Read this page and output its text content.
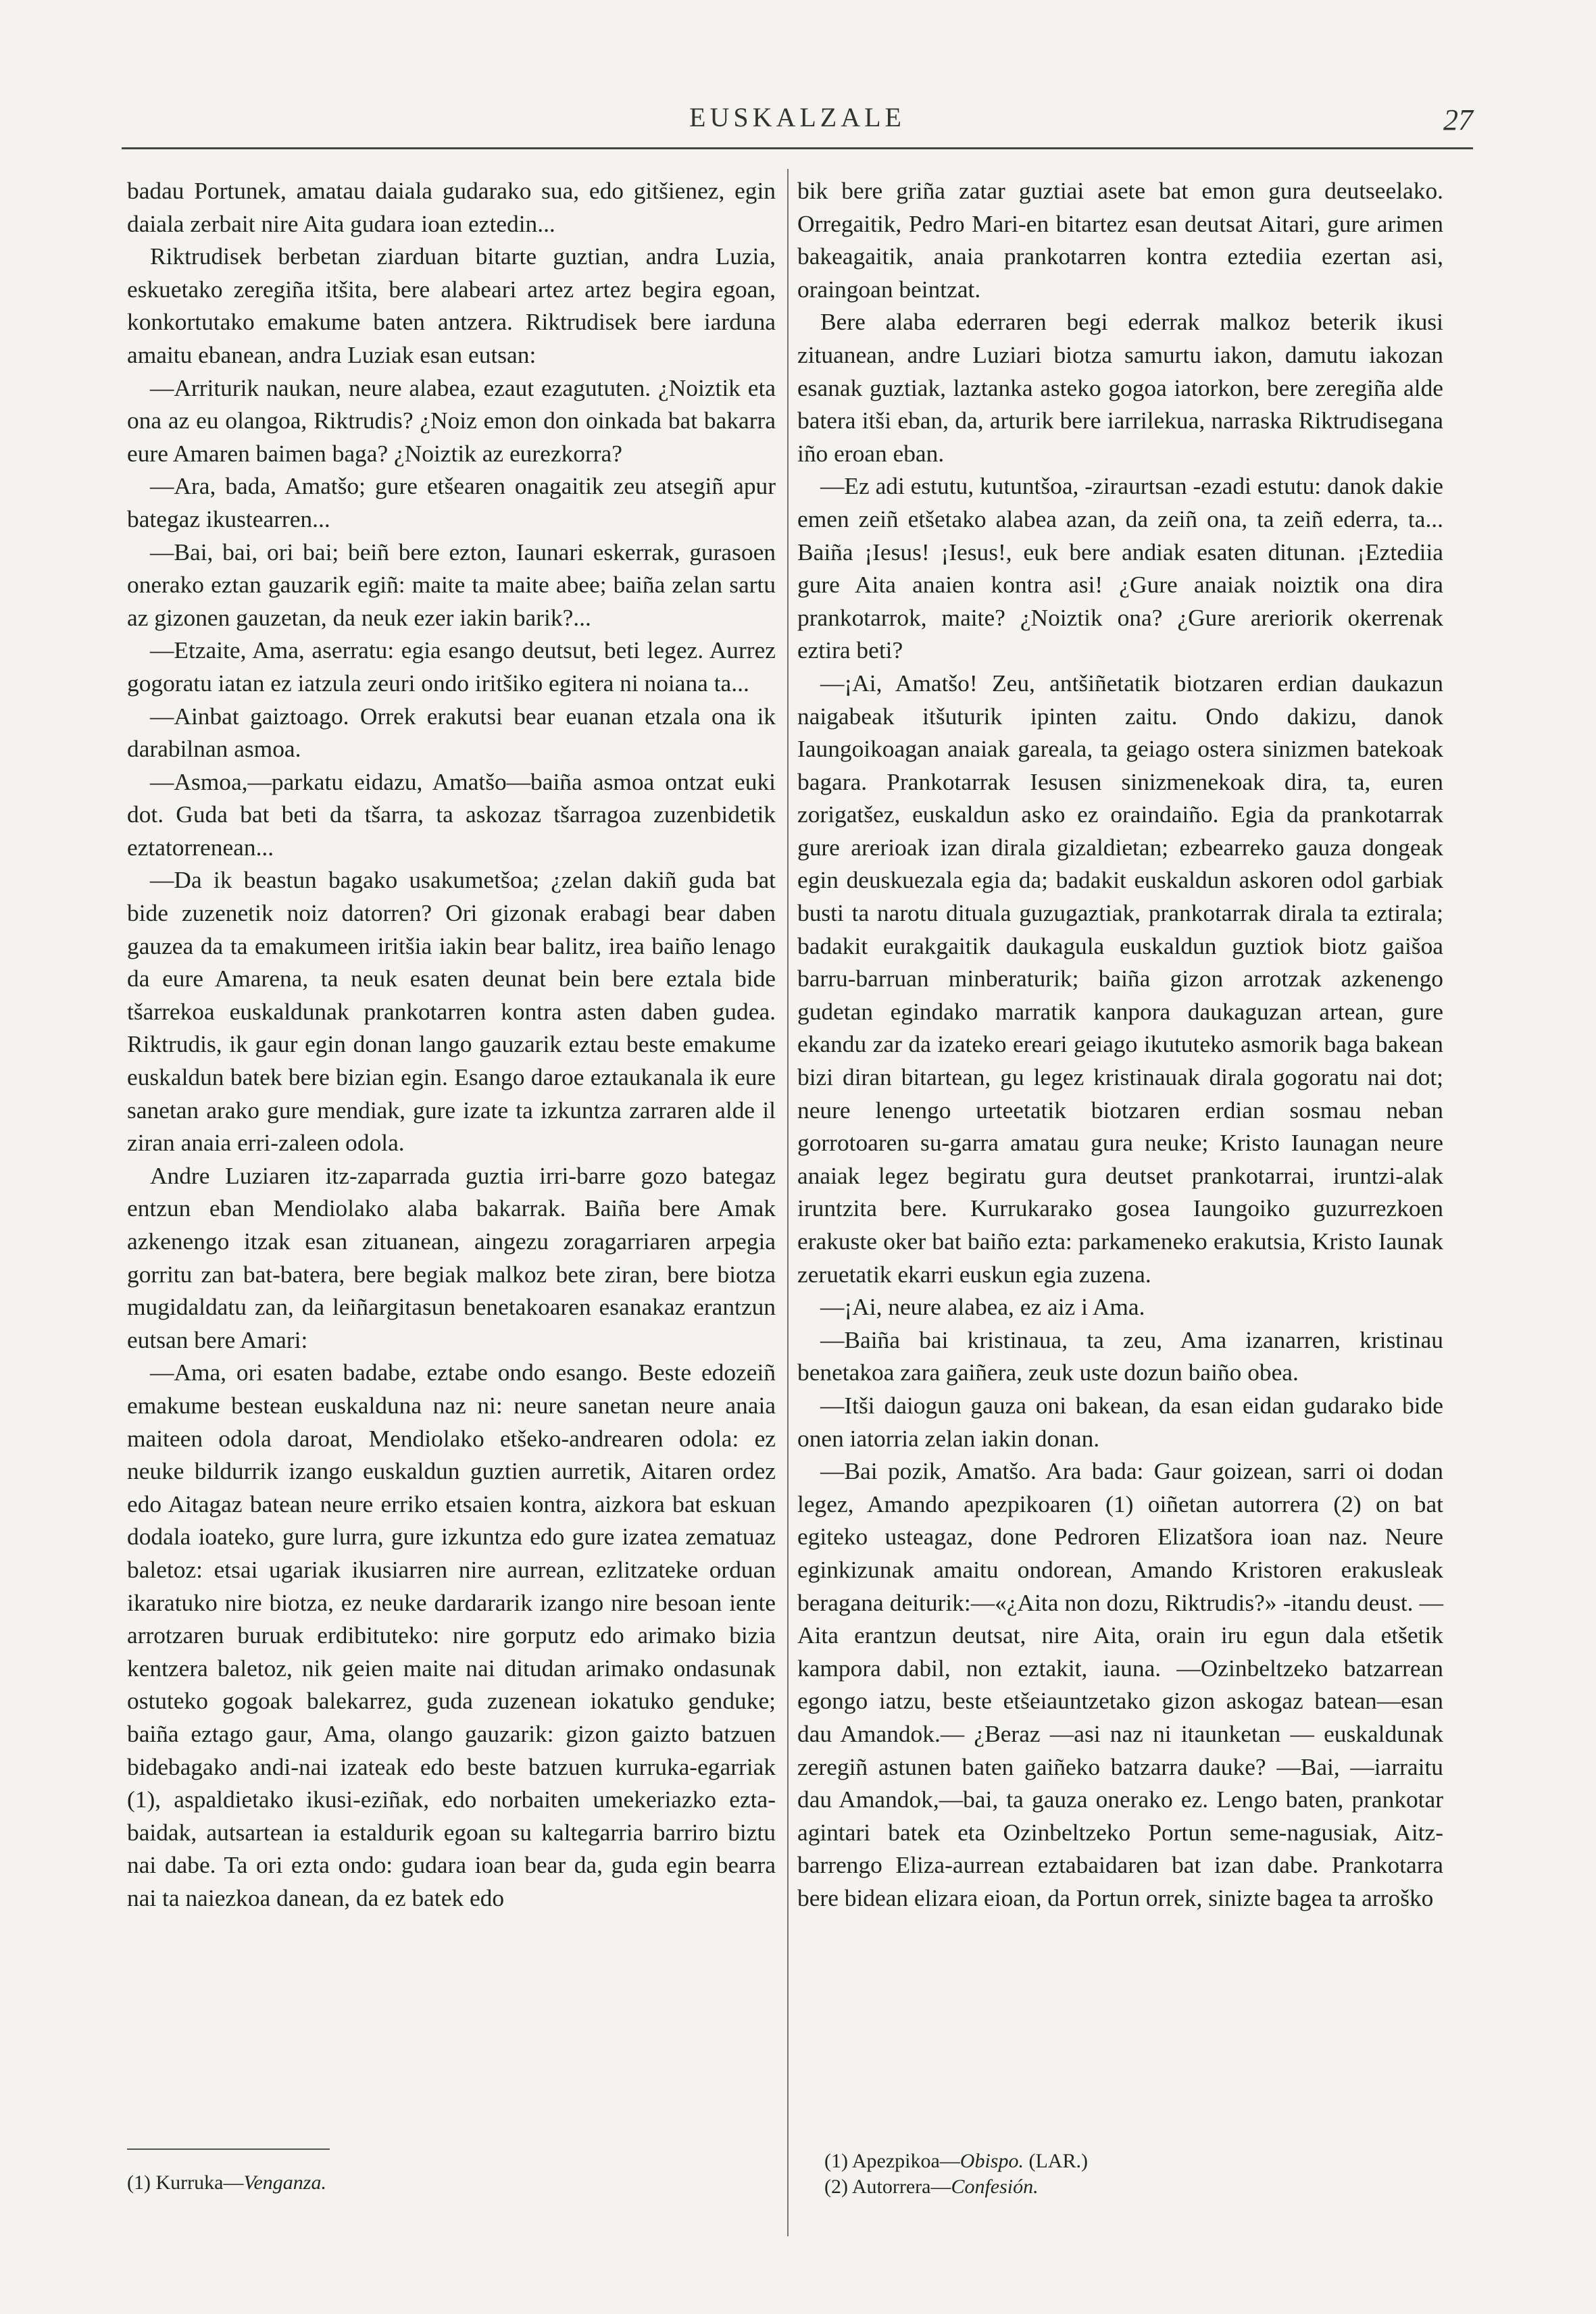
EUSKALZALE	27

badau Portunek, amatau daiala gudarako sua, edo gitšienez, egin daiala zerbait nire Aita gudara ioan eztedin...

Riktrudisek berbetan ziarduan bitarte guztian, andra Luzia, eskuetako zeregiña itšita, bere alabeari artez artez begira egoan, konkortutako emakume baten antzera. Riktrudisek bere iarduna amaitu ebanean, andra Luziak esan eutsan:

—Arriturik naukan, neure alabea, ezaut ezagututen. ¿Noiztik eta ona az eu olangoa, Riktrudis? ¿Noiz emon don oinkada bat bakarra eure Amaren baimen baga? ¿Noiztik az eurezkorra?

—Ara, bada, Amatšo; gure etšearen onagaitik zeu atsegiñ apur bategaz ikustearren...

—Bai, bai, ori bai; beiñ bere ezton, Iaunari eskerrak, gurasoen onerako eztan gauzarik egiñ: maite ta maite abee; baiña zelan sartu az gizonen gauzetan, da neuk ezer iakin barik?...

—Etzaite, Ama, aserratu: egia esango deutsut, beti legez. Aurrez gogoratu iatan ez iatzula zeuri ondo iritšiko egitera ni noiana ta...

—Ainbat gaiztoago. Orrek erakutsi bear euanan etzala ona ik darabilnan asmoa.

—Asmoa,—parkatu eidazu, Amatšo—baiña asmoa ontzat euki dot. Guda bat beti da tšarra, ta askozaz tšarragoa zuzenbidetik eztatorrenean...

—Da ik beastun bagako usakumetšoa; ¿zelan dakiñ guda bat bide zuzenetik noiz datorren? Ori gizonak erabagi bear daben gauzea da ta emakumeen iritšia iakin bear balitz, irea baiño lenago da eure Amarena, ta neuk esaten deunat bein bere eztala bide tšarrekoa euskaldunak prankotarren kontra asten daben gudea. Riktrudis, ik gaur egin donan lango gauzarik eztau beste emakume euskaldun batek bere bizian egin. Esango daroe eztaukanala ik eure sanetan arako gure mendiak, gure izate ta izkuntza zarraren alde il ziran anaia erri-zaleen odola.

Andre Luziaren itz-zaparrada guztia irri-barre gozo bategaz entzun eban Mendiolako alaba bakarrak. Baiña bere Amak azkenengo itzak esan zituanean, aingezu zoragarriaren arpegia gorritu zan bat-batera, bere begiak malkoz bete ziran, bere biotza mugidaldatu zan, da leiñargitasun benetakoaren esanakaz erantzun eutsan bere Amari:

—Ama, ori esaten badabe, eztabe ondo esango. Beste edozeiñ emakume bestean euskalduna naz ni: neure sanetan neure anaia maiteen odola daroat, Mendiolako etšeko-andrearen odola: ez neuke bildurrik izango euskaldun guztien aurretik, Aitaren ordez edo Aitagaz batean neure erriko etsaien kontra, aizkora bat eskuan dodala ioateko, gure lurra, gure izkuntza edo gure izatea zematuaz baletoz: etsai ugariak ikusiarren nire aurrean, ezlitzateke orduan ikaratuko nire biotza, ez neuke dardararik izango nire besoan iente arrotzaren buruak erdibituteko: nire gorputz edo arimako bizia kentzera baletoz, nik geien maite nai ditudan arimako ondasunak ostuteko gogoak balekarrez, guda zuzenean iokatuko genduke; baiña eztago gaur, Ama, olango gauzarik: gizon gaizto batzuen bidebagako andi-nai izateak edo beste batzuen kurruka-egarriak (1), aspaldietako ikusi-eziñak, edo norbaiten umekeriazko ezta-baidak, autsartean ia estaldurik egoan su kaltegarria barriro biztu nai dabe. Ta ori ezta ondo: gudara ioan bear da, guda egin bearra nai ta naiezkoa danean, da ez batek edo

bik bere griña zatar guztiai asete bat emon gura deutseelako. Orregaitik, Pedro Mari-en bitartez esan deutsat Aitari, gure arimen bakeagaitik, anaia prankotarren kontra eztediia ezertan asi, oraingoan beintzat.

Bere alaba ederraren begi ederrak malkoz beterik ikusi zituanean, andre Luziari biotza samurtu iakon, damutu iakozan esanak guztiak, laztanka asteko gogoa iatorkon, bere zeregiña alde batera itši eban, da, arturik bere iarrilekua, narraska Riktrudisegana iño eroan eban.

—Ez adi estutu, kutuntšoa, -ziraurtsan -ezadi estutu: danok dakie emen zeiñ etšetako alabea azan, da zeiñ ona, ta zeiñ ederra, ta... Baiña ¡Iesus! ¡Iesus!, euk bere andiak esaten ditunan. ¡Eztediia gure Aita anaien kontra asi! ¿Gure anaiak noiztik ona dira prankotarrok, maite? ¿Noiztik ona? ¿Gure areriorik okerrenak eztira beti?

—¡Ai, Amatšo! Zeu, antšiñetatik biotzaren erdian daukazun naigabeak itšuturik ipinten zaitu. Ondo dakizu, danok Iaungoikoagan anaiak gareala, ta geiago ostera sinizmen batekoak bagara. Prankotarrak Iesusen sinizmenekoak dira, ta, euren zorigatšez, euskaldun asko ez oraindaiño. Egia da prankotarrak gure arerioak izan dirala gizaldietan; ezbearreko gauza dongeak egin deuskuezala egia da; badakit euskaldun askoren odol garbiak busti ta narotu dituala guzugaztiak, prankotarrak dirala ta eztirala; badakit eurakgaitik daukagula euskaldun guztiok biotz gaišoa barru-barruan minberaturik; baiña gizon arrotzak azkenengo gudetan egindako marratik kanpora daukaguzan artean, gure ekandu zar da izateko ereari geiago ikututeko asmorik baga bakean bizi diran bitartean, gu legez kristinauak dirala gogoratu nai dot; neure lenengo urteetatik biotzaren erdian sosmau neban gorrotoaren su-garra amatau gura neuke; Kristo Iaunagan neure anaiak legez begiratu gura deutset prankotarrai, iruntzi-alak iruntzita bere. Kurrukarako gosea Iaungoiko guzurrezkoen erakuste oker bat baiño ezta: parkameneko erakutsia, Kristo Iaunak zeruetatik ekarri euskun egia zuzena.

—¡Ai, neure alabea, ez aiz i Ama.

—Baiña bai kristinaua, ta zeu, Ama izanarren, kristinau benetakoa zara gaiñera, zeuk uste dozun baiño obea.

—Itši daiogun gauza oni bakean, da esan eidan gudarako bide onen iatorria zelan iakin donan.

—Bai pozik, Amatšo. Ara bada: Gaur goizean, sarri oi dodan legez, Amando apezpikoaren (1) oiñetan autorrera (2) on bat egiteko usteagaz, done Pedroren Elizatšora ioan naz. Neure eginkizunak amaitu ondorean, Amando Kristoren erakusleak beragana deiturik:—«¿Aita non dozu, Riktrudis?» -itandu deust. —Aita erantzun deutsat, nire Aita, orain iru egun dala etšetik kampora dabil, non eztakit, iauna. —Ozinbeltzeko batzarrean egongo iatzu, beste etšeiauntzetako gizon askogaz batean—esan dau Amandok.— ¿Beraz —asi naz ni itaunketan — euskaldunak zeregiñ astunen baten gaiñeko batzarra dauke? —Bai, —iarraitu dau Amandok,—bai, ta gauza onerako ez. Lengo baten, prankotar agintari batek eta Ozinbeltzeko Portun seme-nagusiak, Aitz-barrengo Eliza-aurrean eztabaidaren bat izan dabe. Prankotarra bere bidean elizara eioan, da Portun orrek, sinizte bagea ta arroško

(1) Kurruka—Venganza.

(1) Apezpikoa—Obispo. (LAR.)

(2) Autorrera—Confesión.
